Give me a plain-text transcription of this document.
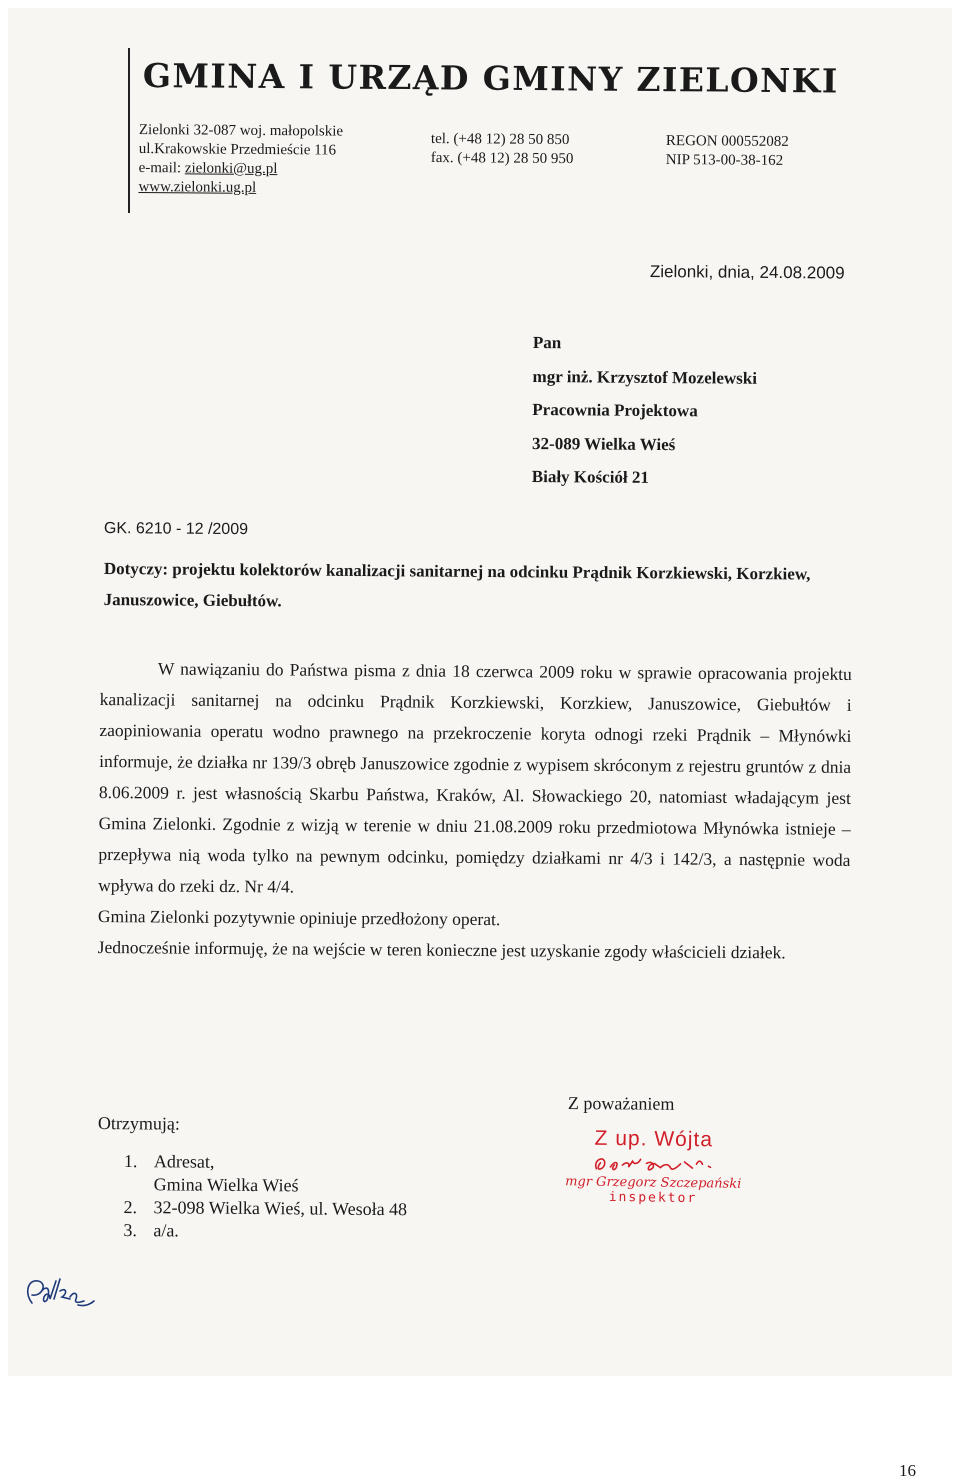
GMINA I URZĄD GMINY ZIELONKI
Zielonki 32-087 woj. małopolskie
ul.Krakowskie Przedmieście 116
e-mail: zielonki@ug.pl
www.zielonki.ug.pl
tel. (+48 12) 28 50 850
fax. (+48 12) 28 50 950
REGON 000552082
NIP 513-00-38-162
Zielonki, dnia, 24.08.2009
Pan
mgr inż. Krzysztof Mozelewski
Pracownia Projektowa
32-089 Wielka Wieś
Biały Kościół 21
GK. 6210 - 12 /2009

Dotyczy: projektu kolektorów kanalizacji sanitarnej na odcinku Prądnik Korzkiewski, Korzkiew, Januszowice, Giebułtów.

W nawiązaniu do Państwa pisma z dnia 18 czerwca 2009 roku w sprawie opracowania projektu kanalizacji sanitarnej na odcinku Prądnik Korzkiewski, Korzkiew, Januszowice, Giebułtów i zaopiniowania operatu wodno prawnego na przekroczenie koryta odnogi rzeki Prądnik – Młynówki informuje, że działka nr 139/3 obręb Januszowice zgodnie z wypisem skróconym z rejestru gruntów z dnia 8.06.2009 r. jest własnością Skarbu Państwa, Kraków, Al. Słowackiego 20, natomiast władającym jest Gmina Zielonki. Zgodnie z wizją w terenie w dniu 21.08.2009 roku przedmiotowa Młynówka istnieje – przepływa nią woda tylko na pewnym odcinku, pomiędzy działkami nr 4/3 i 142/3, a następnie woda wpływa do rzeki dz. Nr 4/4.

Gmina Zielonki pozytywnie opiniuje przedłożony operat.

Jednocześnie informuję, że na wejście w teren konieczne jest uzyskanie zgody właścicieli działek.

Z poważaniem
Z up. Wójta
mgr Grzegorz Szczepański
inspektor
Otrzymują:
1. Adresat,
Gmina Wielka Wieś
2. 32-098 Wielka Wieś, ul. Wesoła 48
3. a/a.
16
